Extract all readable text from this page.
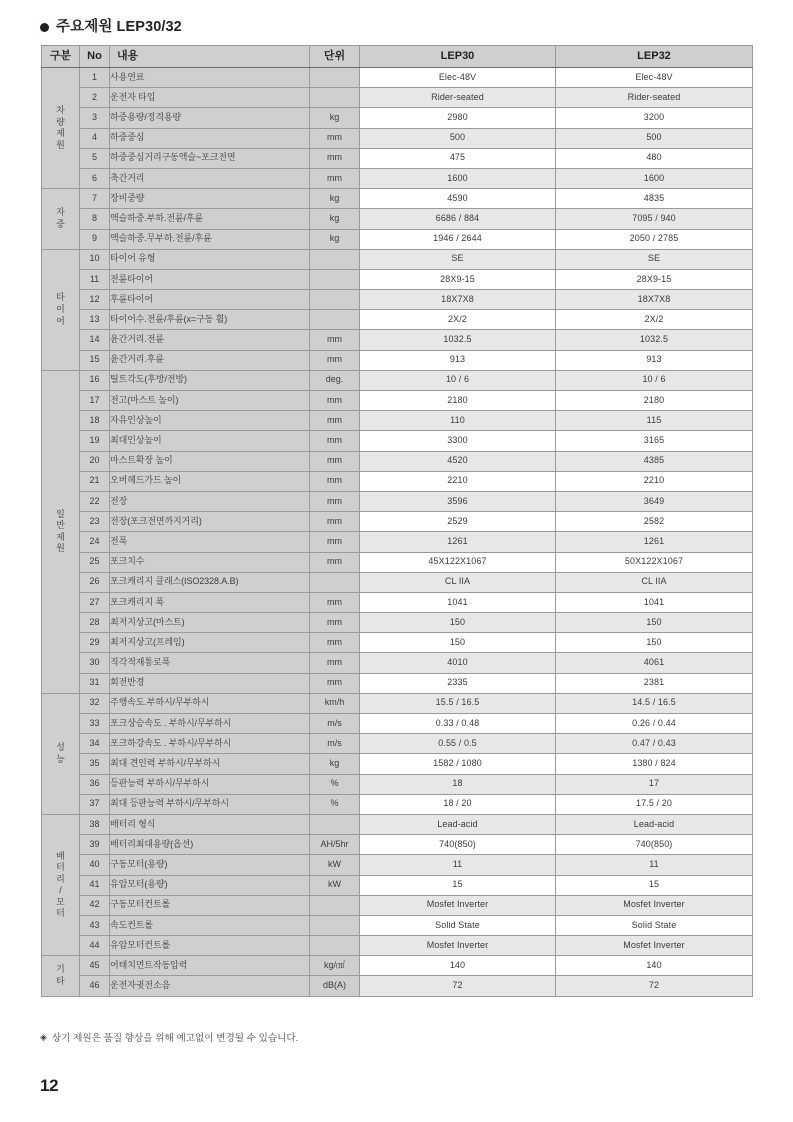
주요제원 LEP30/32
구분	No	내용	단위	LEP30	LEP32

차
량
제
원	1	사용연료		Elec-48V	Elec-48V
	2	운전자 타입		Rider-seated	Rider-seated
	3	하중용량/정격용량	kg	2980	3200
	4	하중중심	mm	500	500
	5	하중중심거리구동액슬~포크전면	mm	475	480
	6	축간거리	mm	1600	1600

자
중	7	장비중량	kg	4590	4835
	8	액슬하중.부하.전륜/후륜	kg	6686 / 884	7095 / 940
	9	액슬하중.무부하.전륜/후륜	kg	1946 / 2644	2050 / 2785

타
이
어	10	타이어 유형		SE	SE
	11	전륜타이어		28X9-15	28X9-15
	12	후륜타이어		18X7X8	18X7X8
	13	타이어수.전륜/후륜(x=구동 휠)		2X/2	2X/2
	14	윤간거리.전륜	mm	1032.5	1032.5
	15	윤간거리.후륜	mm	913	913

일
반
제
원	16	틸트각도(후방/전방)	deg.	10 / 6	10 / 6
	17	전고(마스트 높이)	mm	2180	2180
	18	자유인상높이	mm	110	115
	19	최대인상높이	mm	3300	3165
	20	마스트확장 높이	mm	4520	4385
	21	오버헤드가드 높이	mm	2210	2210
	22	전장	mm	3596	3649
	23	전장(포크전면까지거리)	mm	2529	2582
	24	전폭	mm	1261	1261
	25	포크치수	mm	45X122X1067	50X122X1067
	26	포크캐리지 클래스(ISO2328.A.B)		CL IIA	CL IIA
	27	포크캐리지 폭	mm	1041	1041
	28	최저지상고(마스트)	mm	150	150
	29	최저지상고(프레임)	mm	150	150
	30	직각적재통로폭	mm	4010	4061
	31	회전반경	mm	2335	2381

성
능	32	주행속도.부하시/무부하시	km/h	15.5 / 16.5	14.5 / 16.5
	33	포크상승속도 . 부하시/무부하시	m/s	0.33 / 0.48	0.26 / 0.44
	34	포크하강속도 . 부하시/무부하시	m/s	0.55 / 0.5	0.47 / 0.43
	35	최대 견인력 부하시/무부하시	kg	1582 / 1080	1380 / 824
	36	등판능력 부하시/무부하시	%	18	17
	37	최대 등판능력 부하시/무부하시	%	18 / 20	17.5 / 20

배
터
리
/
모
터
	38	배터리 형식		Lead-acid	Lead-acid
	39	배터리최대용량(옵션)	AH/5hr	740(850)	740(850)
	40	구동모터(용량)	kW	11	11
	41	유압모터(용량)	kW	15	15
	42	구동모터컨트롤		Mosfet Inverter	Mosfet Inverter
	43	속도컨트롤		Solid State	Solid State
	44	유압모터컨트롤		Mosfet Inverter	Mosfet Inverter

기
타	45	어태치먼트작동압력	kg/㎠	140	140
	46	운전자귓전소음	dB(A)	72	72
◈ 상기 제원은 품질 향상을 위해 예고없이 변경될 수 있습니다.
12
